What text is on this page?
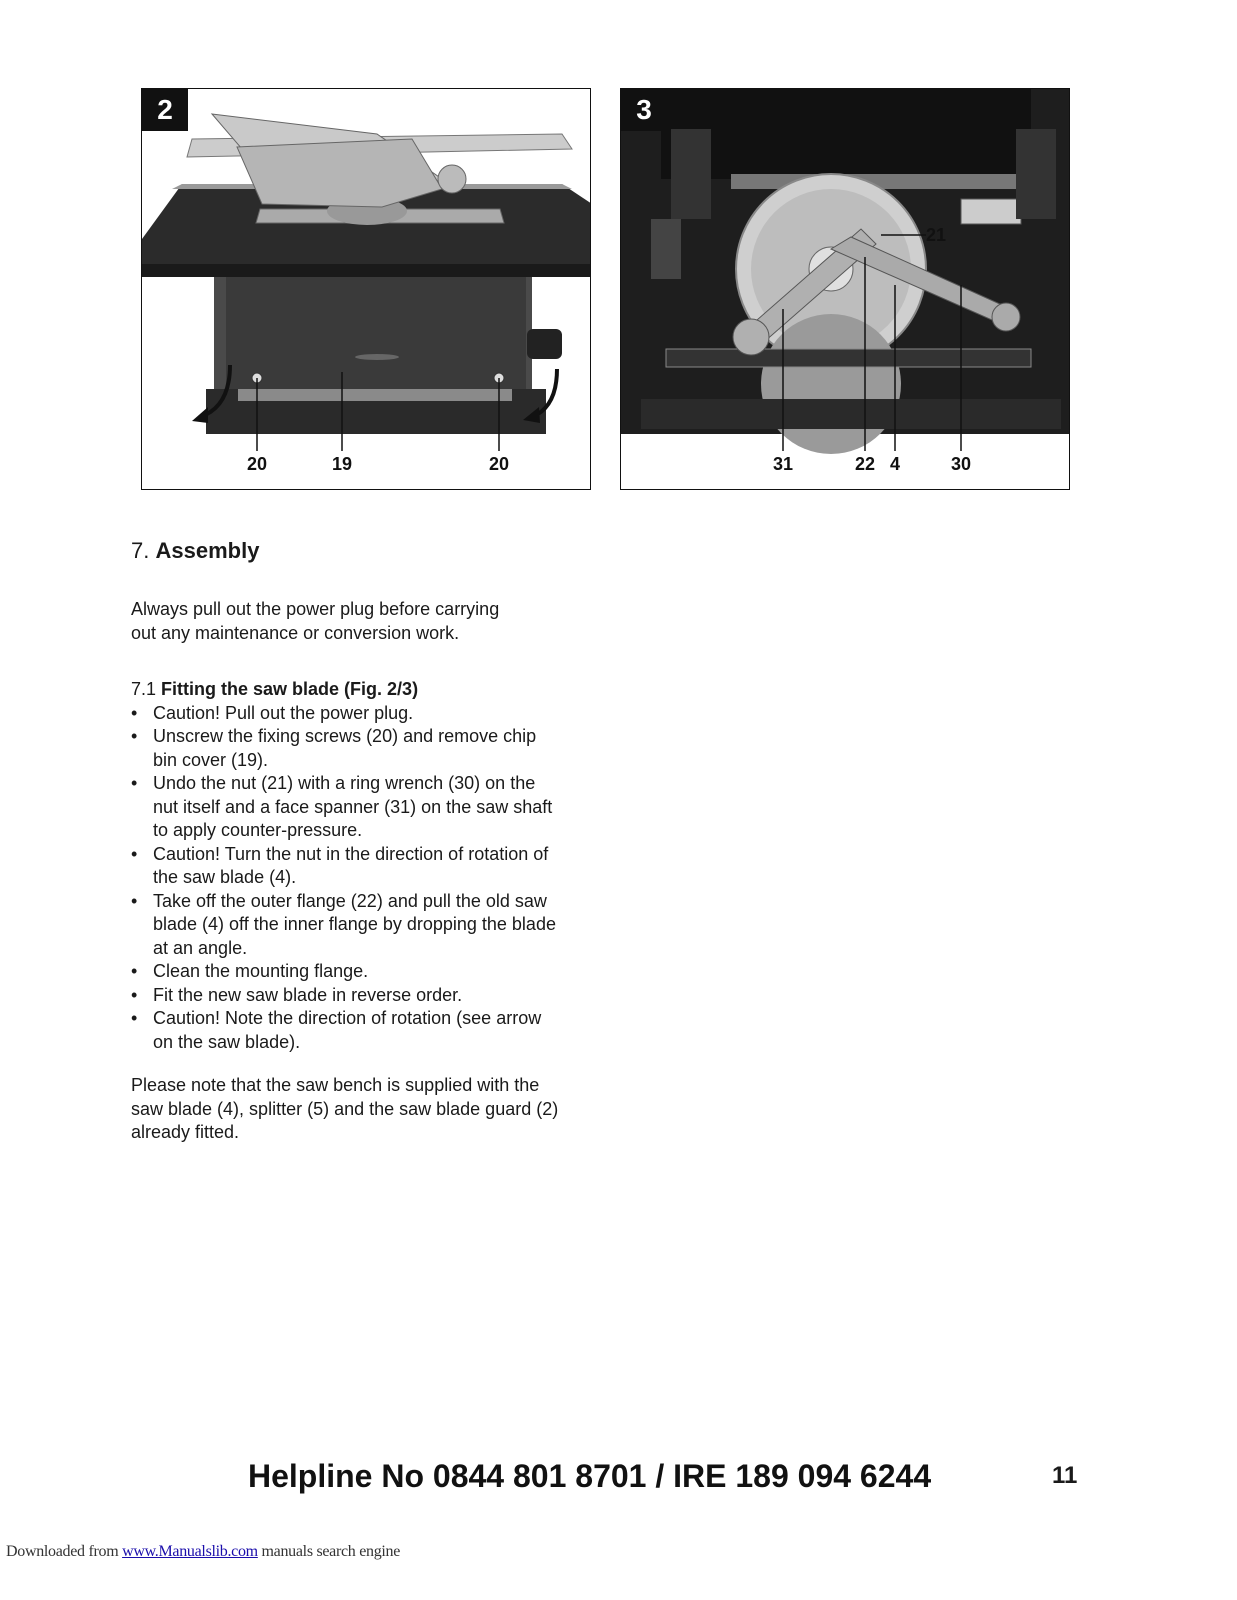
2
20	19	20
3
21
31	22 4	30
7. Assembly
Always pull out the power plug before carrying
out any maintenance or conversion work.
7.1 Fitting the saw blade (Fig. 2/3)
• Caution! Pull out the power plug.
• Unscrew the fixing screws (20) and remove chip
bin cover (19).
• Undo the nut (21) with a ring wrench (30) on the
nut itself and a face spanner (31) on the saw shaft
to apply counter-pressure.
• Caution! Turn the nut in the direction of rotation of
the saw blade (4).
• Take off the outer flange (22) and pull the old saw
blade (4) off the inner flange by dropping the blade
at an angle.
• Clean the mounting flange.
• Fit the new saw blade in reverse order.
• Caution! Note the direction of rotation (see arrow
on the saw blade).
Please note that the saw bench is supplied with the
saw blade (4), splitter (5) and the saw blade guard (2)
already fitted.
Helpline No 0844 801 8701 / IRE 189 094 6244	11
Downloaded from www.Manualslib.com manuals search engine
